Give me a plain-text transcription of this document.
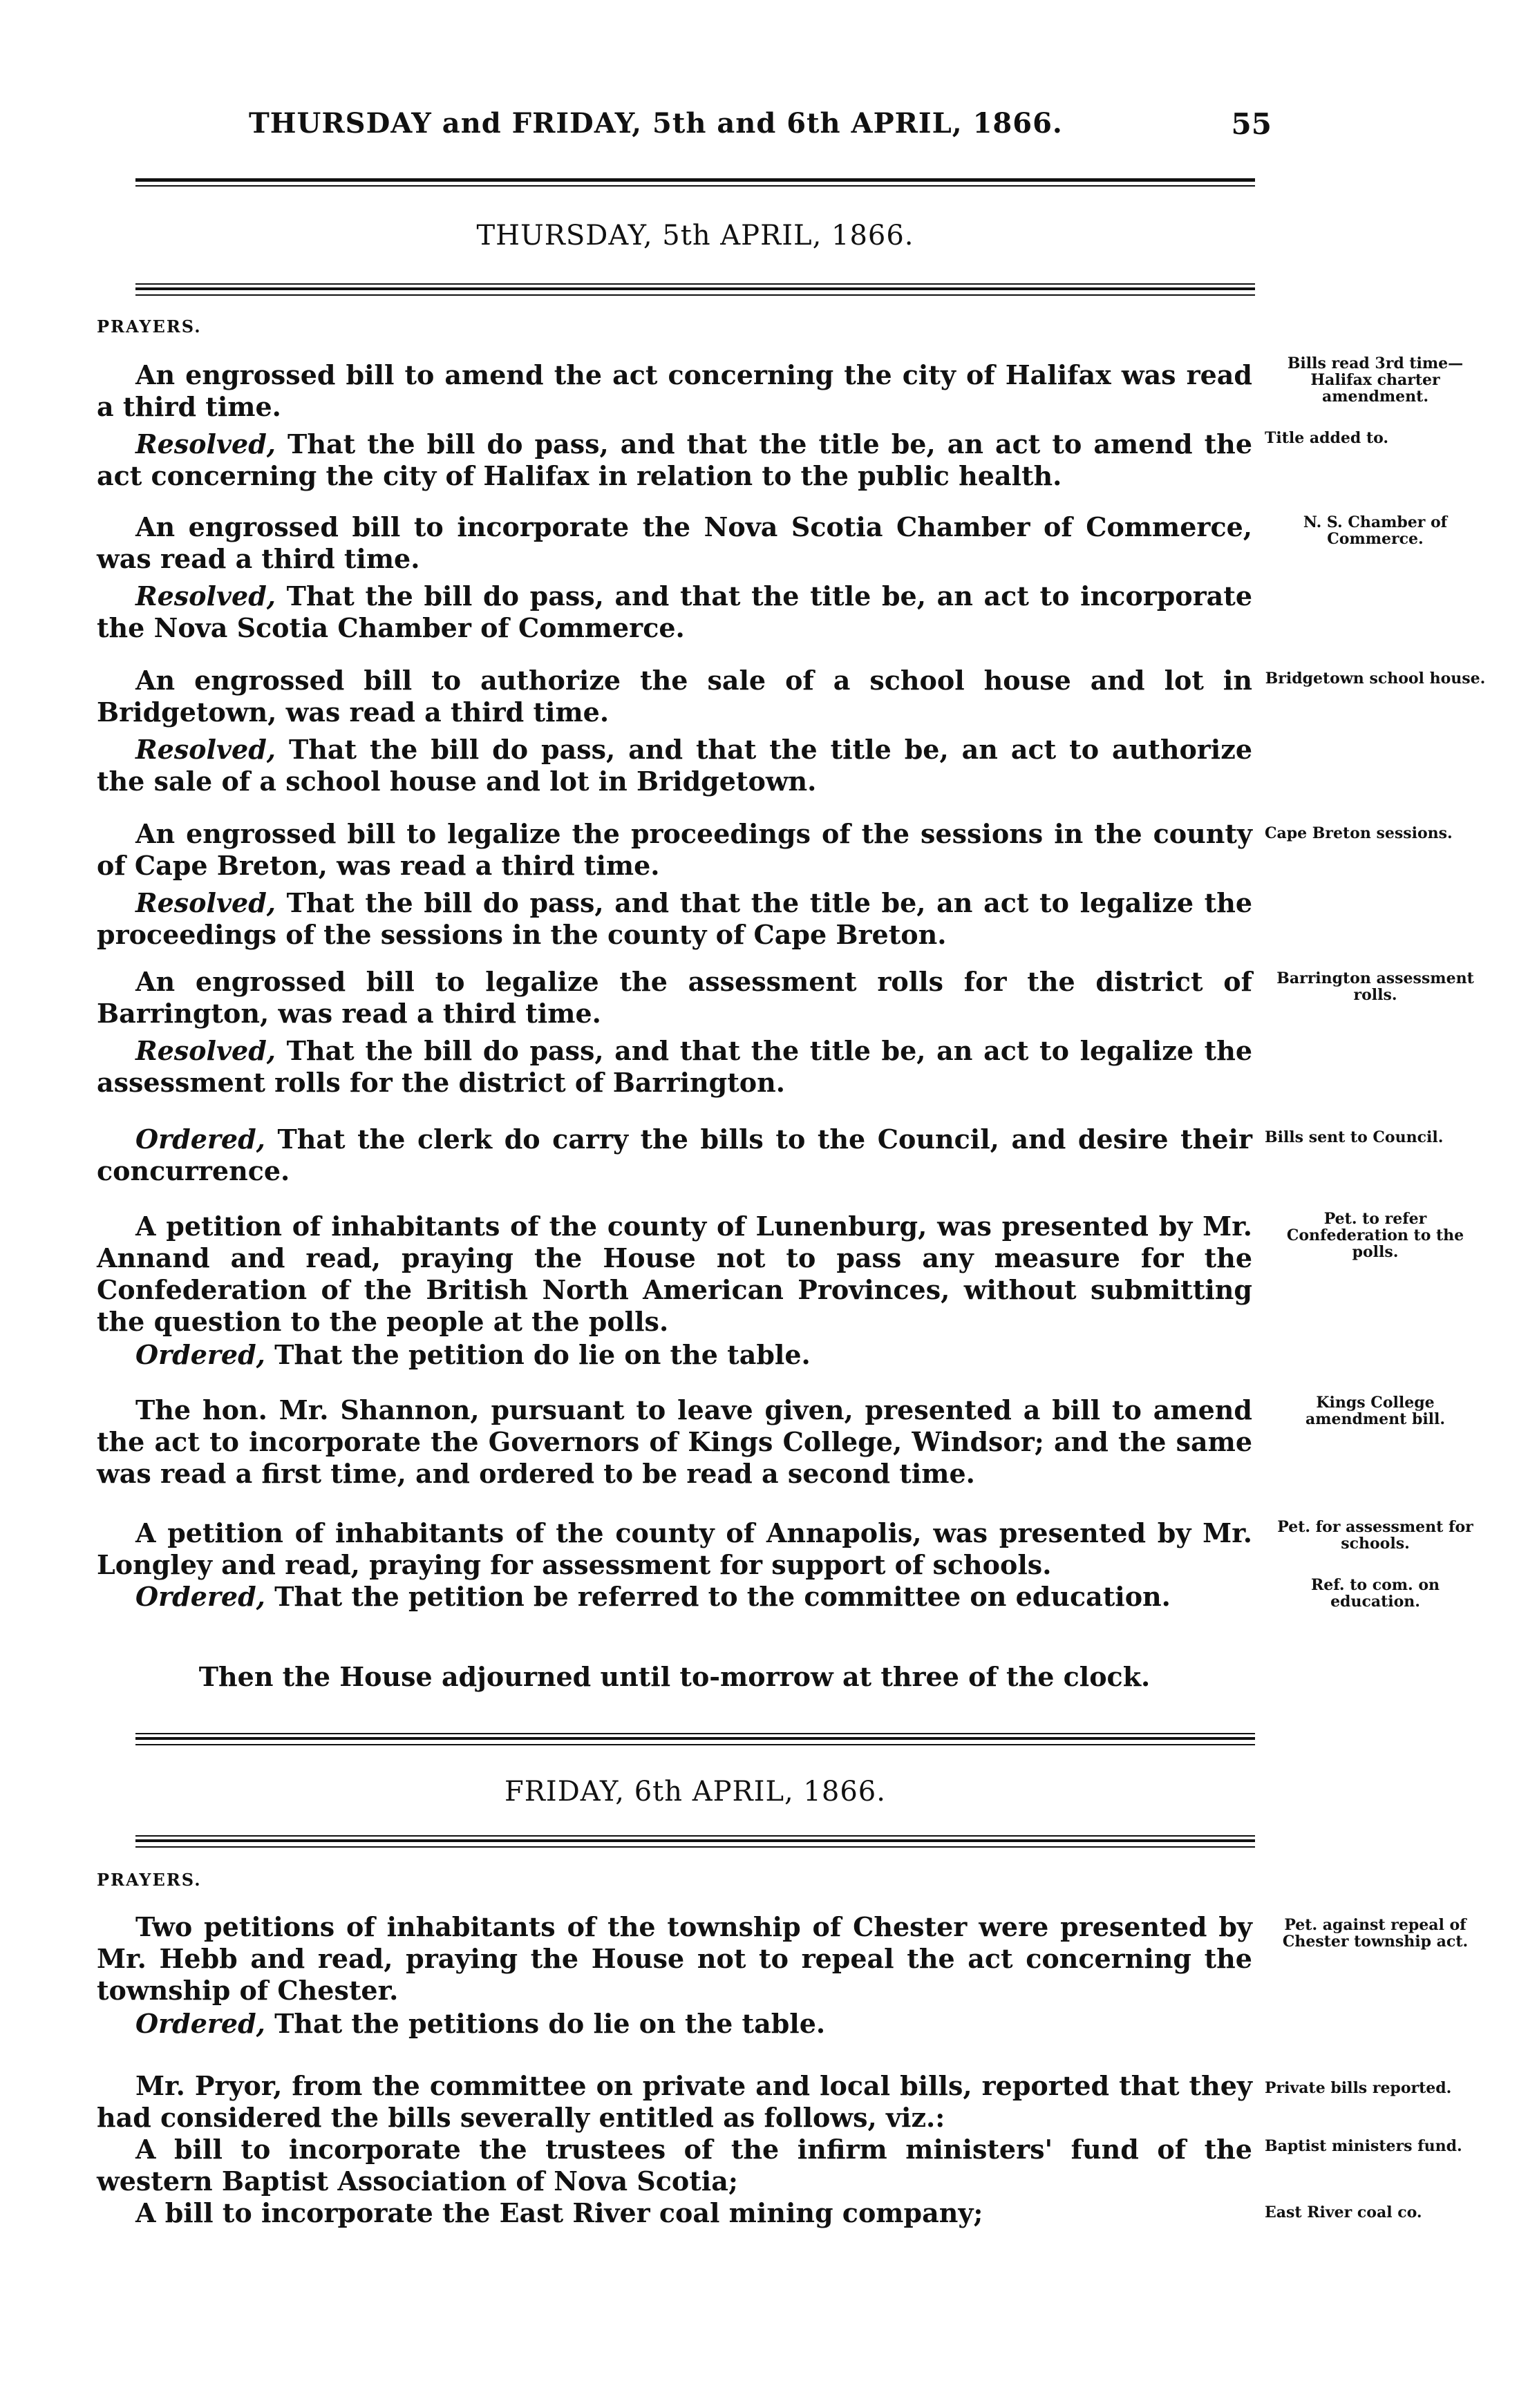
THURSDAY and FRIDAY, 5th and 6th APRIL, 1866.	55
THURSDAY, 5th APRIL, 1866.
PRAYERS.
An engrossed bill to amend the act concerning the city of Halifax was read a third time.
Resolved, That the bill do pass, and that the title be, an act to amend the act concerning the city of Halifax in relation to the public health.
Bills read 3rd time— Halifax charter amendment.
Title added to.
An engrossed bill to incorporate the Nova Scotia Chamber of Commerce, was read a third time.
Resolved, That the bill do pass, and that the title be, an act to incorporate the Nova Scotia Chamber of Commerce.
N. S. Chamber of Commerce.
An engrossed bill to authorize the sale of a school house and lot in Bridgetown, was read a third time.
Resolved, That the bill do pass, and that the title be, an act to authorize the sale of a school house and lot in Bridgetown.
Bridgetown school house.
An engrossed bill to legalize the proceedings of the sessions in the county of Cape Breton, was read a third time.
Resolved, That the bill do pass, and that the title be, an act to legalize the proceedings of the sessions in the county of Cape Breton.
Cape Breton sessions.
An engrossed bill to legalize the assessment rolls for the district of Barrington, was read a third time.
Resolved, That the bill do pass, and that the title be, an act to legalize the assessment rolls for the district of Barrington.
Barrington assessment rolls.
Ordered, That the clerk do carry the bills to the Council, and desire their concurrence.
Bills sent to Council.
A petition of inhabitants of the county of Lunenburg, was presented by Mr. Annand and read, praying the House not to pass any measure for the Confederation of the British North American Provinces, without submitting the question to the people at the polls.
Ordered, That the petition do lie on the table.
Pet. to refer Confederation to the polls.
The hon. Mr. Shannon, pursuant to leave given, presented a bill to amend the act to incorporate the Governors of Kings College, Windsor; and the same was read a first time, and ordered to be read a second time.
Kings College amendment bill.
A petition of inhabitants of the county of Annapolis, was presented by Mr. Longley and read, praying for assessment for support of schools.
Ordered, That the petition be referred to the committee on education.
Pet. for assessment for schools.
Ref. to com. on education.
Then the House adjourned until to-morrow at three of the clock.
FRIDAY, 6th APRIL, 1866.
PRAYERS.
Two petitions of inhabitants of the township of Chester were presented by Mr. Hebb and read, praying the House not to repeal the act concerning the township of Chester.
Ordered, That the petitions do lie on the table.
Pet. against repeal of Chester township act.
Mr. Pryor, from the committee on private and local bills, reported that they had considered the bills severally entitled as follows, viz.:
A bill to incorporate the trustees of the infirm ministers' fund of the western Baptist Association of Nova Scotia;
A bill to incorporate the East River coal mining company;
Private bills reported.
Baptist ministers fund.
East River coal co.
